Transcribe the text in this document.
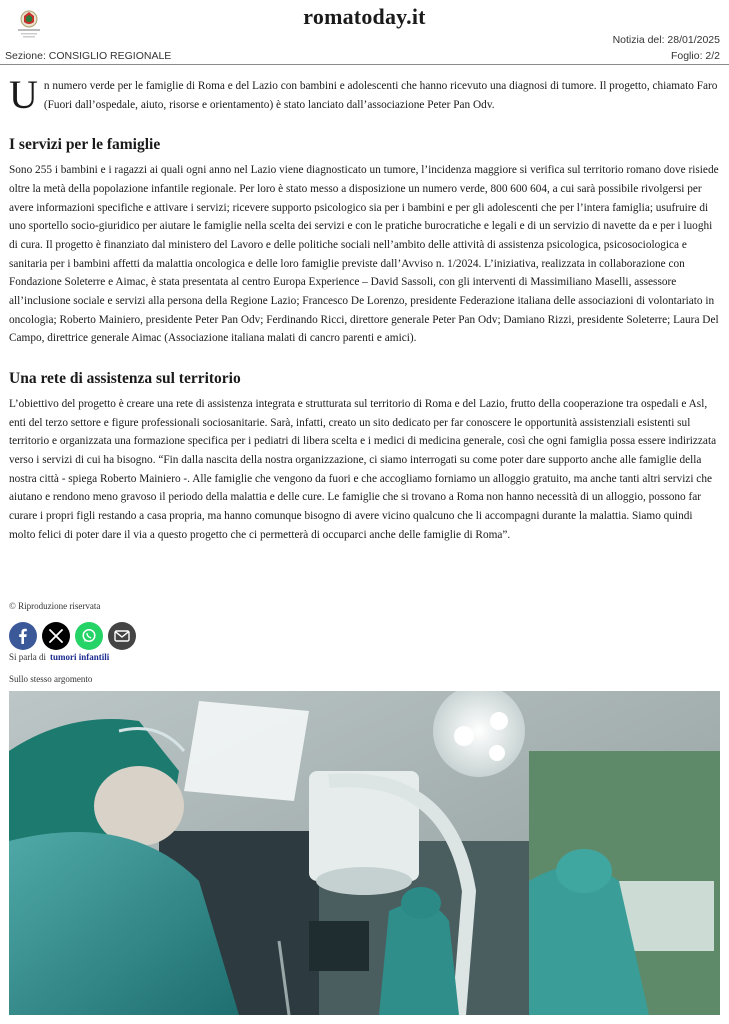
romatoday.it
Notizia del: 28/01/2025
Sezione: CONSIGLIO REGIONALE	Foglio: 2/2

U n numero verde per le famiglie di Roma e del Lazio con bambini e adolescenti che hanno ricevuto una diagnosi di tumore. Il progetto, chiamato Faro (Fuori dall’ospedale, aiuto, risorse e orientamento) è stato lanciato dall’associazione Peter Pan Odv.

I servizi per le famiglie

Sono 255 i bambini e i ragazzi ai quali ogni anno nel Lazio viene diagnosticato un tumore, l’incidenza maggiore si verifica sul territorio romano dove risiede oltre la metà della popolazione infantile regionale. Per loro è stato messo a disposizione un numero verde, 800 600 604, a cui sarà possibile rivolgersi per avere informazioni specifiche e attivare i servizi; ricevere supporto psicologico sia per i bambini e per gli adolescenti che per l’intera famiglia; usufruire di uno sportello socio-giuridico per aiutare le famiglie nella scelta dei servizi e con le pratiche burocratiche e legali e di un servizio di navette da e per i luoghi di cura. Il progetto è finanziato dal ministero del Lavoro e delle politiche sociali nell’ambito delle attività di assistenza psicologica, psicosociologica e sanitaria per i bambini affetti da malattia oncologica e delle loro famiglie previste dall’Avviso n. 1/2024. L’iniziativa, realizzata in collaborazione con Fondazione Soleterre e Aimac, è stata presentata al centro Europa Experience – David Sassoli, con gli interventi di Massimiliano Maselli, assessore all’inclusione sociale e servizi alla persona della Regione Lazio; Francesco De Lorenzo, presidente Federazione italiana delle associazioni di volontariato in oncologia; Roberto Mainiero, presidente Peter Pan Odv; Ferdinando Ricci, direttore generale Peter Pan Odv; Damiano Rizzi, presidente Soleterre; Laura Del Campo, direttrice generale Aimac (Associazione italiana malati di cancro parenti e amici).

Una rete di assistenza sul territorio

L’obiettivo del progetto è creare una rete di assistenza integrata e strutturata sul territorio di Roma e del Lazio, frutto della cooperazione tra ospedali e Asl, enti del terzo settore e figure professionali sociosanitarie. Sarà, infatti, creato un sito dedicato per far conoscere le opportunità assistenziali esistenti sul territorio e organizzata una formazione specifica per i pediatri di libera scelta e i medici di medicina generale, così che ogni famiglia possa essere indirizzata verso i servizi di cui ha bisogno. “Fin dalla nascita della nostra organizzazione, ci siamo interrogati su come poter dare supporto anche alle famiglie della nostra città - spiega Roberto Mainiero -. Alle famiglie che vengono da fuori e che accogliamo forniamo un alloggio gratuito, ma anche tanti altri servizi che aiutano e rendono meno gravoso il periodo della malattia e delle cure. Le famiglie che si trovano a Roma non hanno necessità di un alloggio, possono far curare i propri figli restando a casa propria, ma hanno comunque bisogno di avere vicino qualcuno che li accompagni durante la malattia. Siamo quindi molto felici di poter dare il via a questo progetto che ci permetterà di occuparci anche delle famiglie di Roma”.

© Riproduzione riservata
Si parla di tumori infantili
Sullo stesso argomento
